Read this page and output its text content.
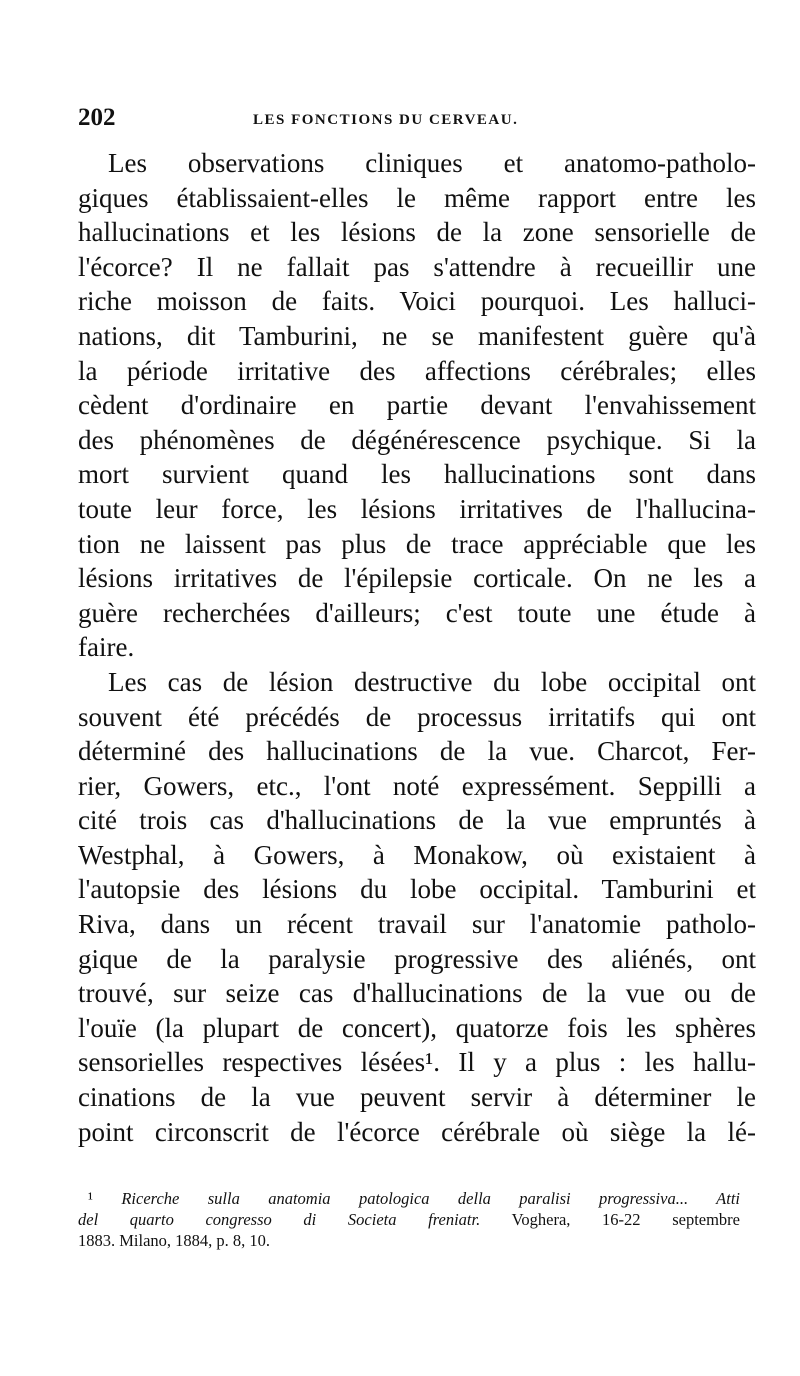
202	LES FONCTIONS DU CERVEAU.
Les observations cliniques et anatomo-patholo-
giques établissaient-elles le même rapport entre les
hallucinations et les lésions de la zone sensorielle de
l'écorce? Il ne fallait pas s'attendre à recueillir une
riche moisson de faits. Voici pourquoi. Les halluci-
nations, dit Tamburini, ne se manifestent guère qu'à
la période irritative des affections cérébrales; elles
cèdent d'ordinaire en partie devant l'envahissement
des phénomènes de dégénérescence psychique. Si la
mort survient quand les hallucinations sont dans
toute leur force, les lésions irritatives de l'hallucina-
tion ne laissent pas plus de trace appréciable que les
lésions irritatives de l'épilepsie corticale. On ne les a
guère recherchées d'ailleurs; c'est toute une étude à
faire.
Les cas de lésion destructive du lobe occipital ont
souvent été précédés de processus irritatifs qui ont
déterminé des hallucinations de la vue. Charcot, Fer-
rier, Gowers, etc., l'ont noté expressément. Seppilli a
cité trois cas d'hallucinations de la vue empruntés à
Westphal, à Gowers, à Monakow, où existaient à
l'autopsie des lésions du lobe occipital. Tamburini et
Riva, dans un récent travail sur l'anatomie patholo-
gique de la paralysie progressive des aliénés, ont
trouvé, sur seize cas d'hallucinations de la vue ou de
l'ouïe (la plupart de concert), quatorze fois les sphères
sensorielles respectives lésées¹. Il y a plus : les hallu-
cinations de la vue peuvent servir à déterminer le
point circonscrit de l'écorce cérébrale où siège la lé-
¹ Ricerche sulla anatomia patologica della paralisi progressiva... Atti
del quarto congresso di Societa freniatr. Voghera, 16-22 septembre
1883. Milano, 1884, p. 8, 10.
